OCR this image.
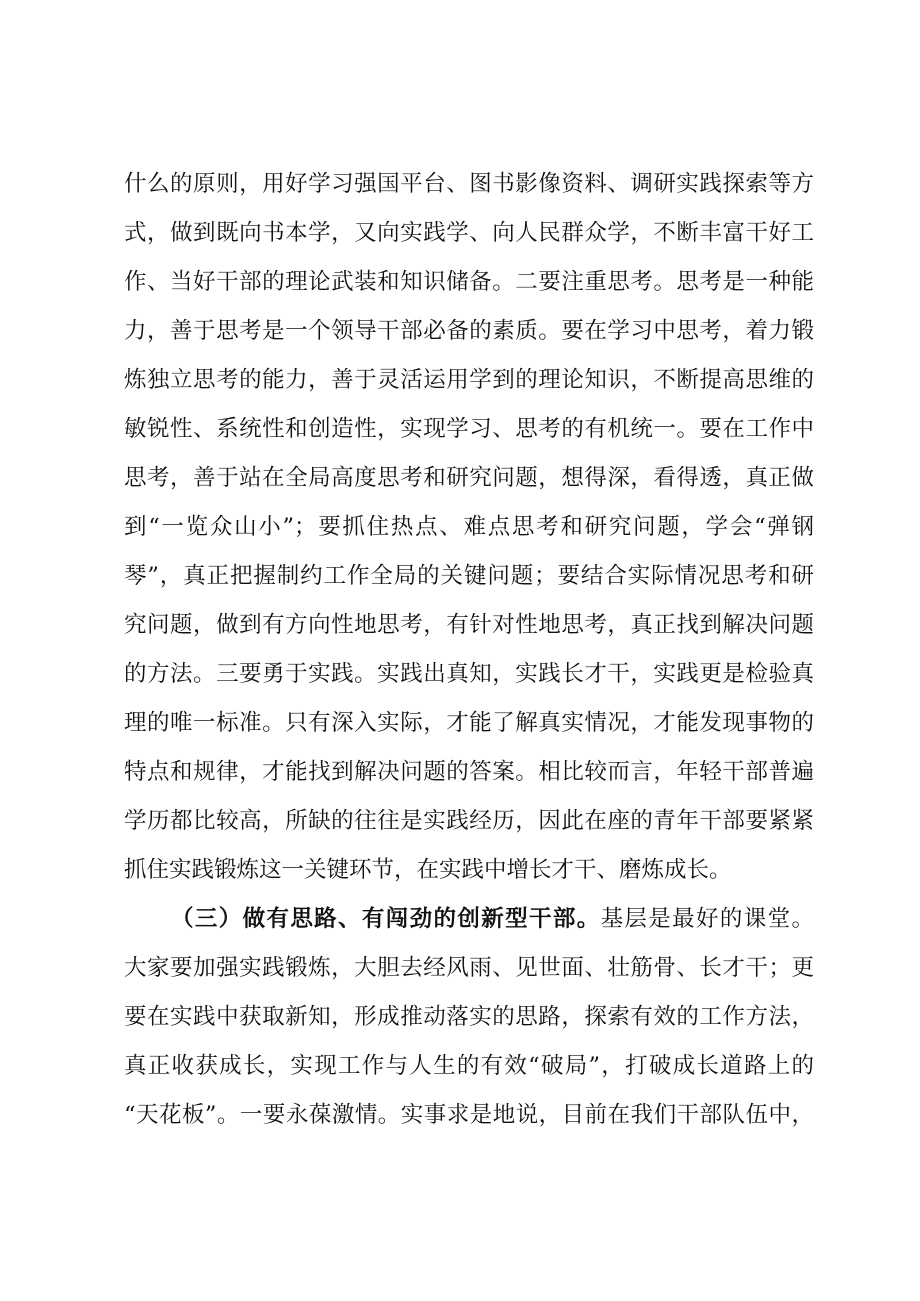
什么的原则，用好学习强国平台、图书影像资料、调研实践探索等方
式，做到既向书本学，又向实践学、向人民群众学，不断丰富干好工
作、当好干部的理论武装和知识储备。二要注重思考。思考是一种能
力，善于思考是一个领导干部必备的素质。要在学习中思考，着力锻
炼独立思考的能力，善于灵活运用学到的理论知识，不断提高思维的
敏锐性、系统性和创造性，实现学习、思考的有机统一。要在工作中
思考，善于站在全局高度思考和研究问题，想得深，看得透，真正做
到“一览众山小”；要抓住热点、难点思考和研究问题，学会“弹钢
琴”，真正把握制约工作全局的关键问题；要结合实际情况思考和研
究问题，做到有方向性地思考，有针对性地思考，真正找到解决问题
的方法。三要勇于实践。实践出真知，实践长才干，实践更是检验真
理的唯一标准。只有深入实际，才能了解真实情况，才能发现事物的
特点和规律，才能找到解决问题的答案。相比较而言，年轻干部普遍
学历都比较高，所缺的往往是实践经历，因此在座的青年干部要紧紧
抓住实践锻炼这一关键环节，在实践中增长才干、磨炼成长。
（三）做有思路、有闯劲的创新型干部。基层是最好的课堂。
大家要加强实践锻炼，大胆去经风雨、见世面、壮筋骨、长才干；更
要在实践中获取新知，形成推动落实的思路，探索有效的工作方法，
真正收获成长，实现工作与人生的有效“破局”，打破成长道路上的
“天花板”。一要永葆激情。实事求是地说，目前在我们干部队伍中，
